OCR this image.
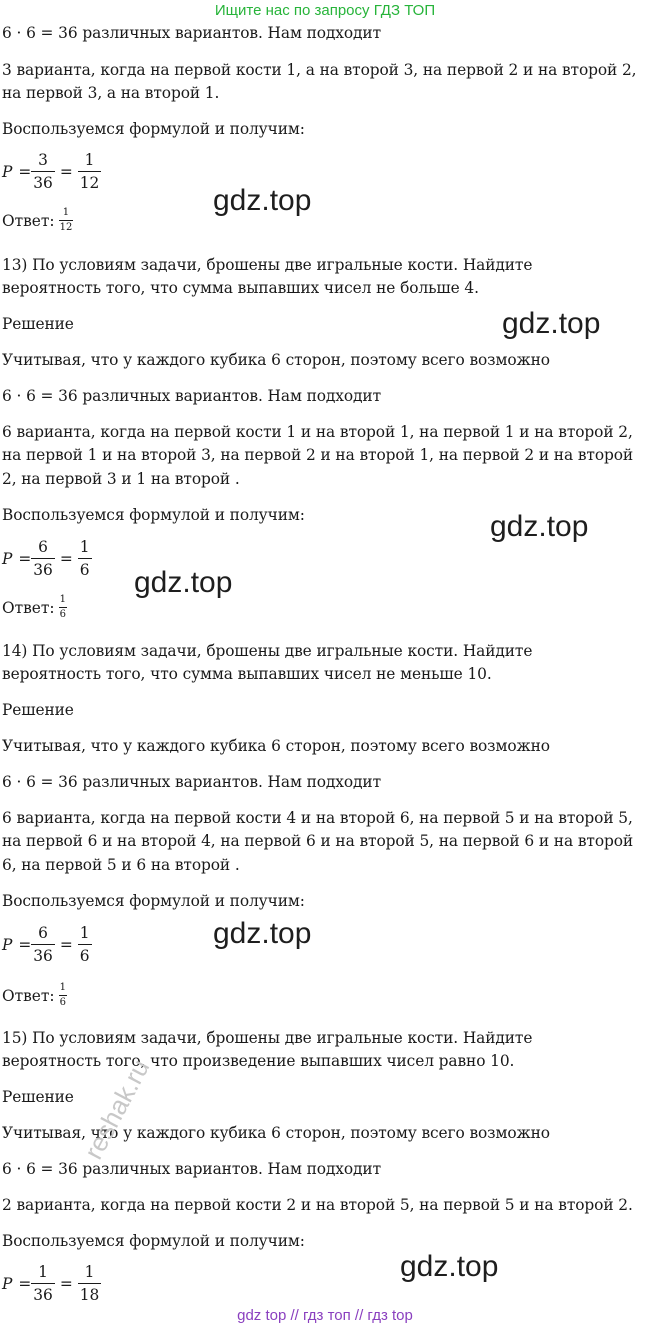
Ищите нас по запросу ГДЗ ТОП
6 · 6 = 36 различных вариантов. Нам подходит
3 варианта, когда на первой кости 1, а на второй 3, на первой 2 и на второй 2,
на первой 3, а на второй 1.
Воспользуемся формулой и получим:
$P = \frac{3}{36} = \frac{1}{12}$
Ответ: $\frac{1}{12}$
13) По условиям задачи, брошены две игральные кости. Найдите
вероятность того, что сумма выпавших чисел не больше 4.
Решение
Учитывая, что у каждого кубика 6 сторон, поэтому всего возможно
6 · 6 = 36 различных вариантов. Нам подходит
6 варианта, когда на первой кости 1 и на второй 1, на первой 1 и на второй 2,
на первой 1 и на второй 3, на первой 2 и на второй 1, на первой 2 и на второй
2, на первой 3 и 1 на второй .
Воспользуемся формулой и получим:
$P = \frac{6}{36} = \frac{1}{6}$
Ответ: $\frac{1}{6}$
14) По условиям задачи, брошены две игральные кости. Найдите
вероятность того, что сумма выпавших чисел не меньше 10.
Решение
Учитывая, что у каждого кубика 6 сторон, поэтому всего возможно
6 · 6 = 36 различных вариантов. Нам подходит
6 варианта, когда на первой кости 4 и на второй 6, на первой 5 и на второй 5,
на первой 6 и на второй 4, на первой 6 и на второй 5, на первой 6 и на второй
6, на первой 5 и 6 на второй .
Воспользуемся формулой и получим:
$P = \frac{6}{36} = \frac{1}{6}$
Ответ: $\frac{1}{6}$
15) По условиям задачи, брошены две игральные кости. Найдите
вероятность того, что произведение выпавших чисел равно 10.
Решение
Учитывая, что у каждого кубика 6 сторон, поэтому всего возможно
6 · 6 = 36 различных вариантов. Нам подходит
2 варианта, когда на первой кости 2 и на второй 5, на первой 5 и на второй 2.
Воспользуемся формулой и получим:
$P = \frac{1}{36} = \frac{1}{18}$
gdz.top
gdz.top
gdz.top
gdz.top
gdz.top
gdz.top
reshak.ru
gdz top // гдз топ // гдз top
